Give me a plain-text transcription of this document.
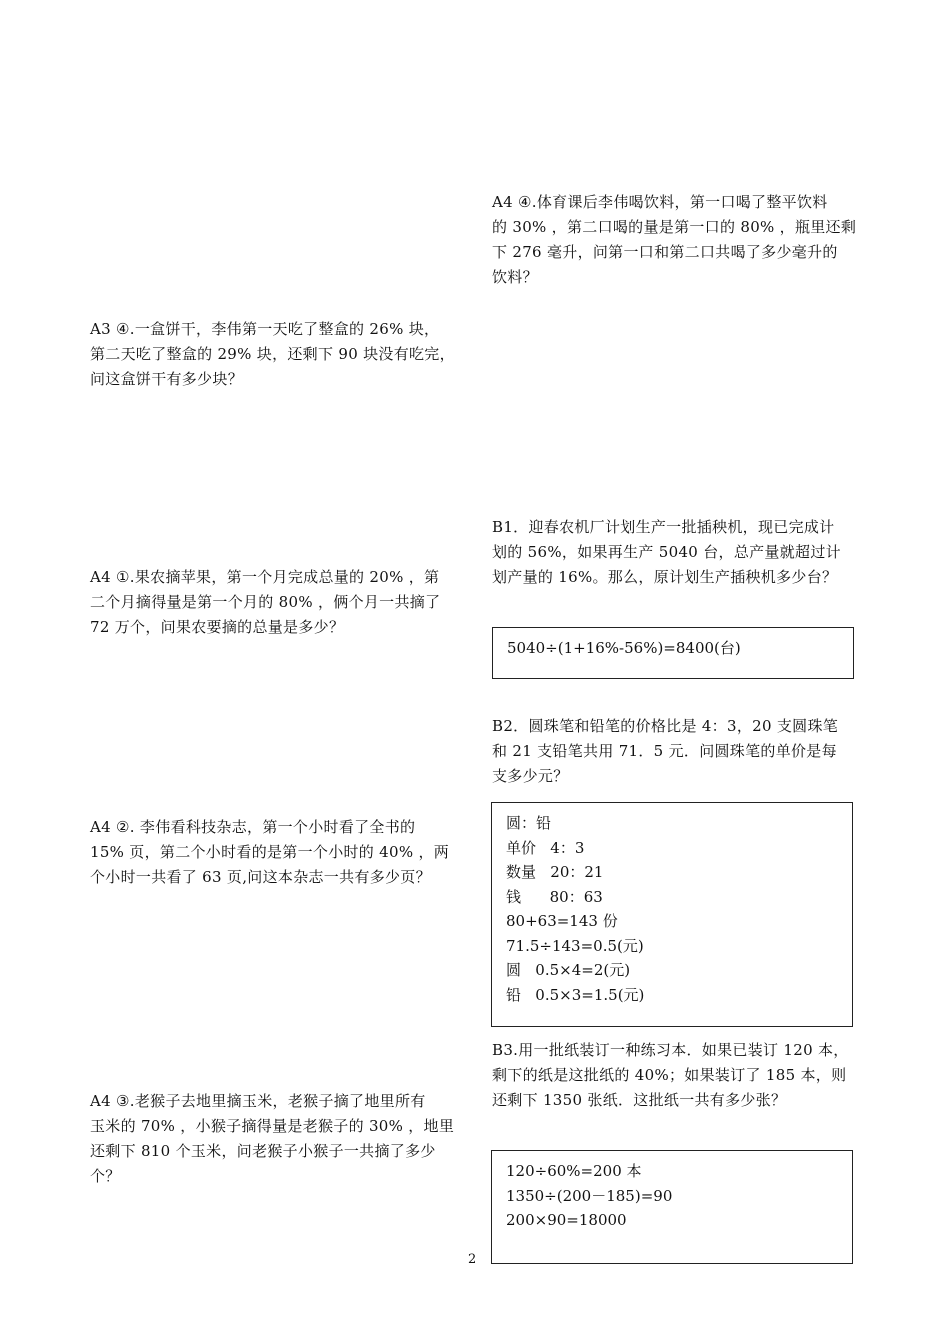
A3 ④.一盒饼干，李伟第一天吃了整盒的 26% 块，
第二天吃了整盒的 29% 块，还剩下 90 块没有吃完，
问这盒饼干有多少块？
A4 ①.果农摘苹果，第一个月完成总量的 20% ，第
二个月摘得量是第一个月的 80% ，俩个月一共摘了
72 万个，问果农要摘的总量是多少？
A4 ②. 李伟看科技杂志，第一个小时看了全书的
15% 页，第二个小时看的是第一个小时的 40% ，两
个小时一共看了 63 页,问这本杂志一共有多少页？
A4 ③.老猴子去地里摘玉米，老猴子摘了地里所有
玉米的 70% ，小猴子摘得量是老猴子的 30% ，地里
还剩下 810 个玉米，问老猴子小猴子一共摘了多少
个？
A4 ④.体育课后李伟喝饮料，第一口喝了整平饮料
的 30% ，第二口喝的量是第一口的 80% ，瓶里还剩
下 276 毫升，问第一口和第二口共喝了多少毫升的
饮料？
B1．迎春农机厂计划生产一批插秧机，现已完成计
划的 56%，如果再生产 5040 台，总产量就超过计
划产量的 16%。那么，原计划生产插秧机多少台？
5040÷(1+16%-56%)=8400(台)
B2．圆珠笔和铅笔的价格比是 4：3，20 支圆珠笔
和 21 支铅笔共用 71．5 元．问圆珠笔的单价是每
支多少元？
圆：铅
单价   4：3
数量   20：21
钱      80：63
80+63=143 份
71.5÷143=0.5(元)
圆   0.5×4=2(元)
铅   0.5×3=1.5(元)
B3.用一批纸装订一种练习本．如果已装订 120 本，
剩下的纸是这批纸的 40%；如果装订了 185 本，则
还剩下 1350 张纸．这批纸一共有多少张？
120÷60%=200 本
1350÷(200－185)=90
200×90=18000
2
